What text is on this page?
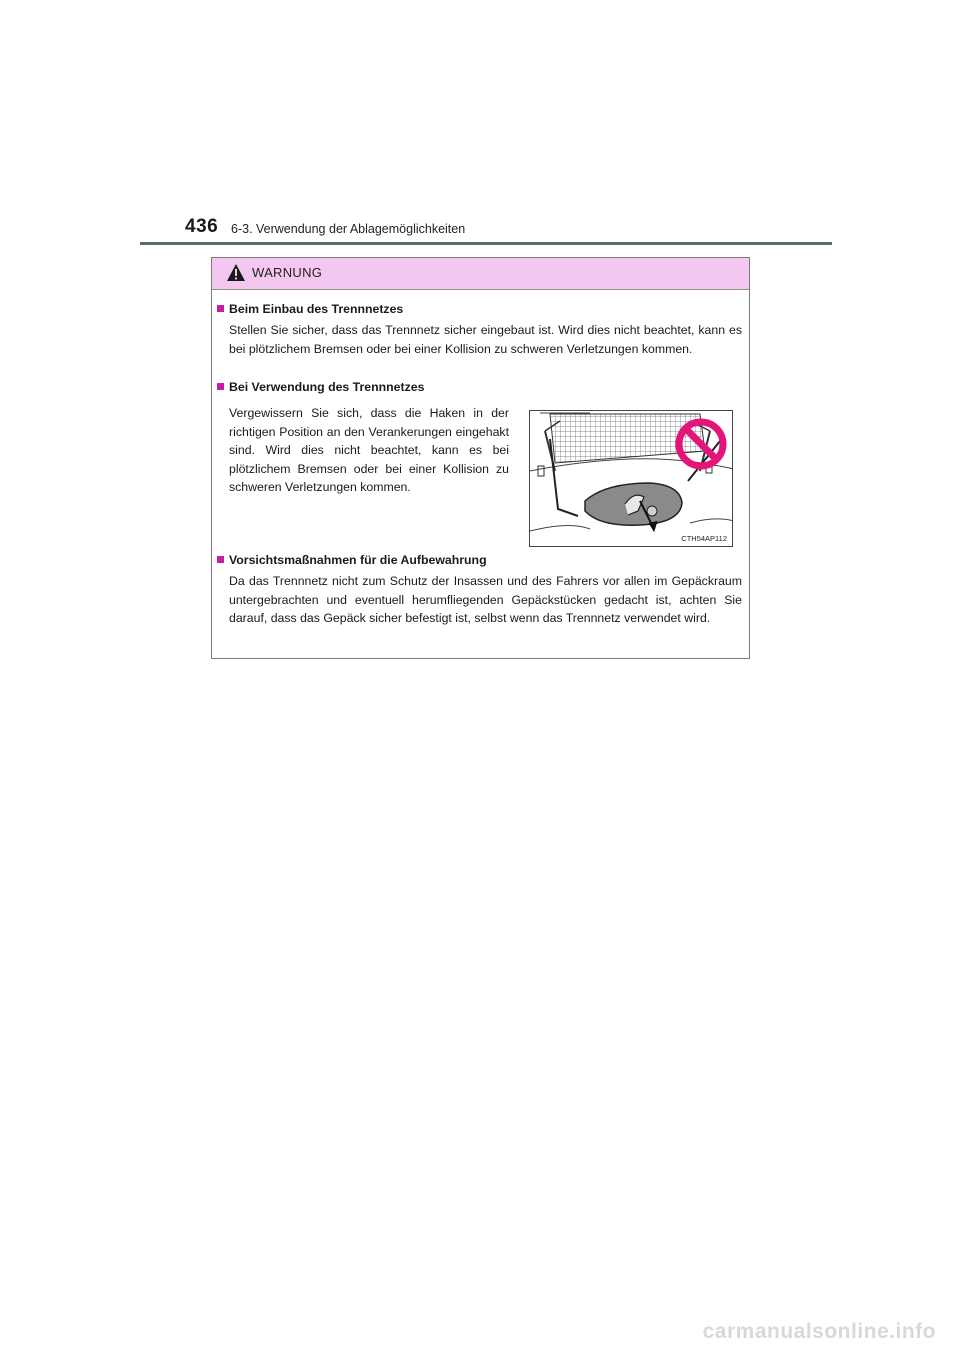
436 6-3. Verwendung der Ablagemöglichkeiten
WARNUNG
Beim Einbau des Trennnetzes
Stellen Sie sicher, dass das Trennnetz sicher eingebaut ist. Wird dies nicht beachtet, kann es bei plötzlichem Bremsen oder bei einer Kollision zu schweren Verletzungen kommen.
Bei Verwendung des Trennnetzes
Vergewissern Sie sich, dass die Haken in der richtigen Position an den Verankerungen eingehakt sind. Wird dies nicht beachtet, kann es bei plötzlichem Bremsen oder bei einer Kollision zu schweren Verletzungen kommen.
CTH54AP112
Vorsichtsmaßnahmen für die Aufbewahrung
Da das Trennnetz nicht zum Schutz der Insassen und des Fahrers vor allen im Gepäckraum untergebrachten und eventuell herumfliegenden Gepäckstücken gedacht ist, achten Sie darauf, dass das Gepäck sicher befestigt ist, selbst wenn das Trennnetz verwendet wird.
carmanualsonline.info
